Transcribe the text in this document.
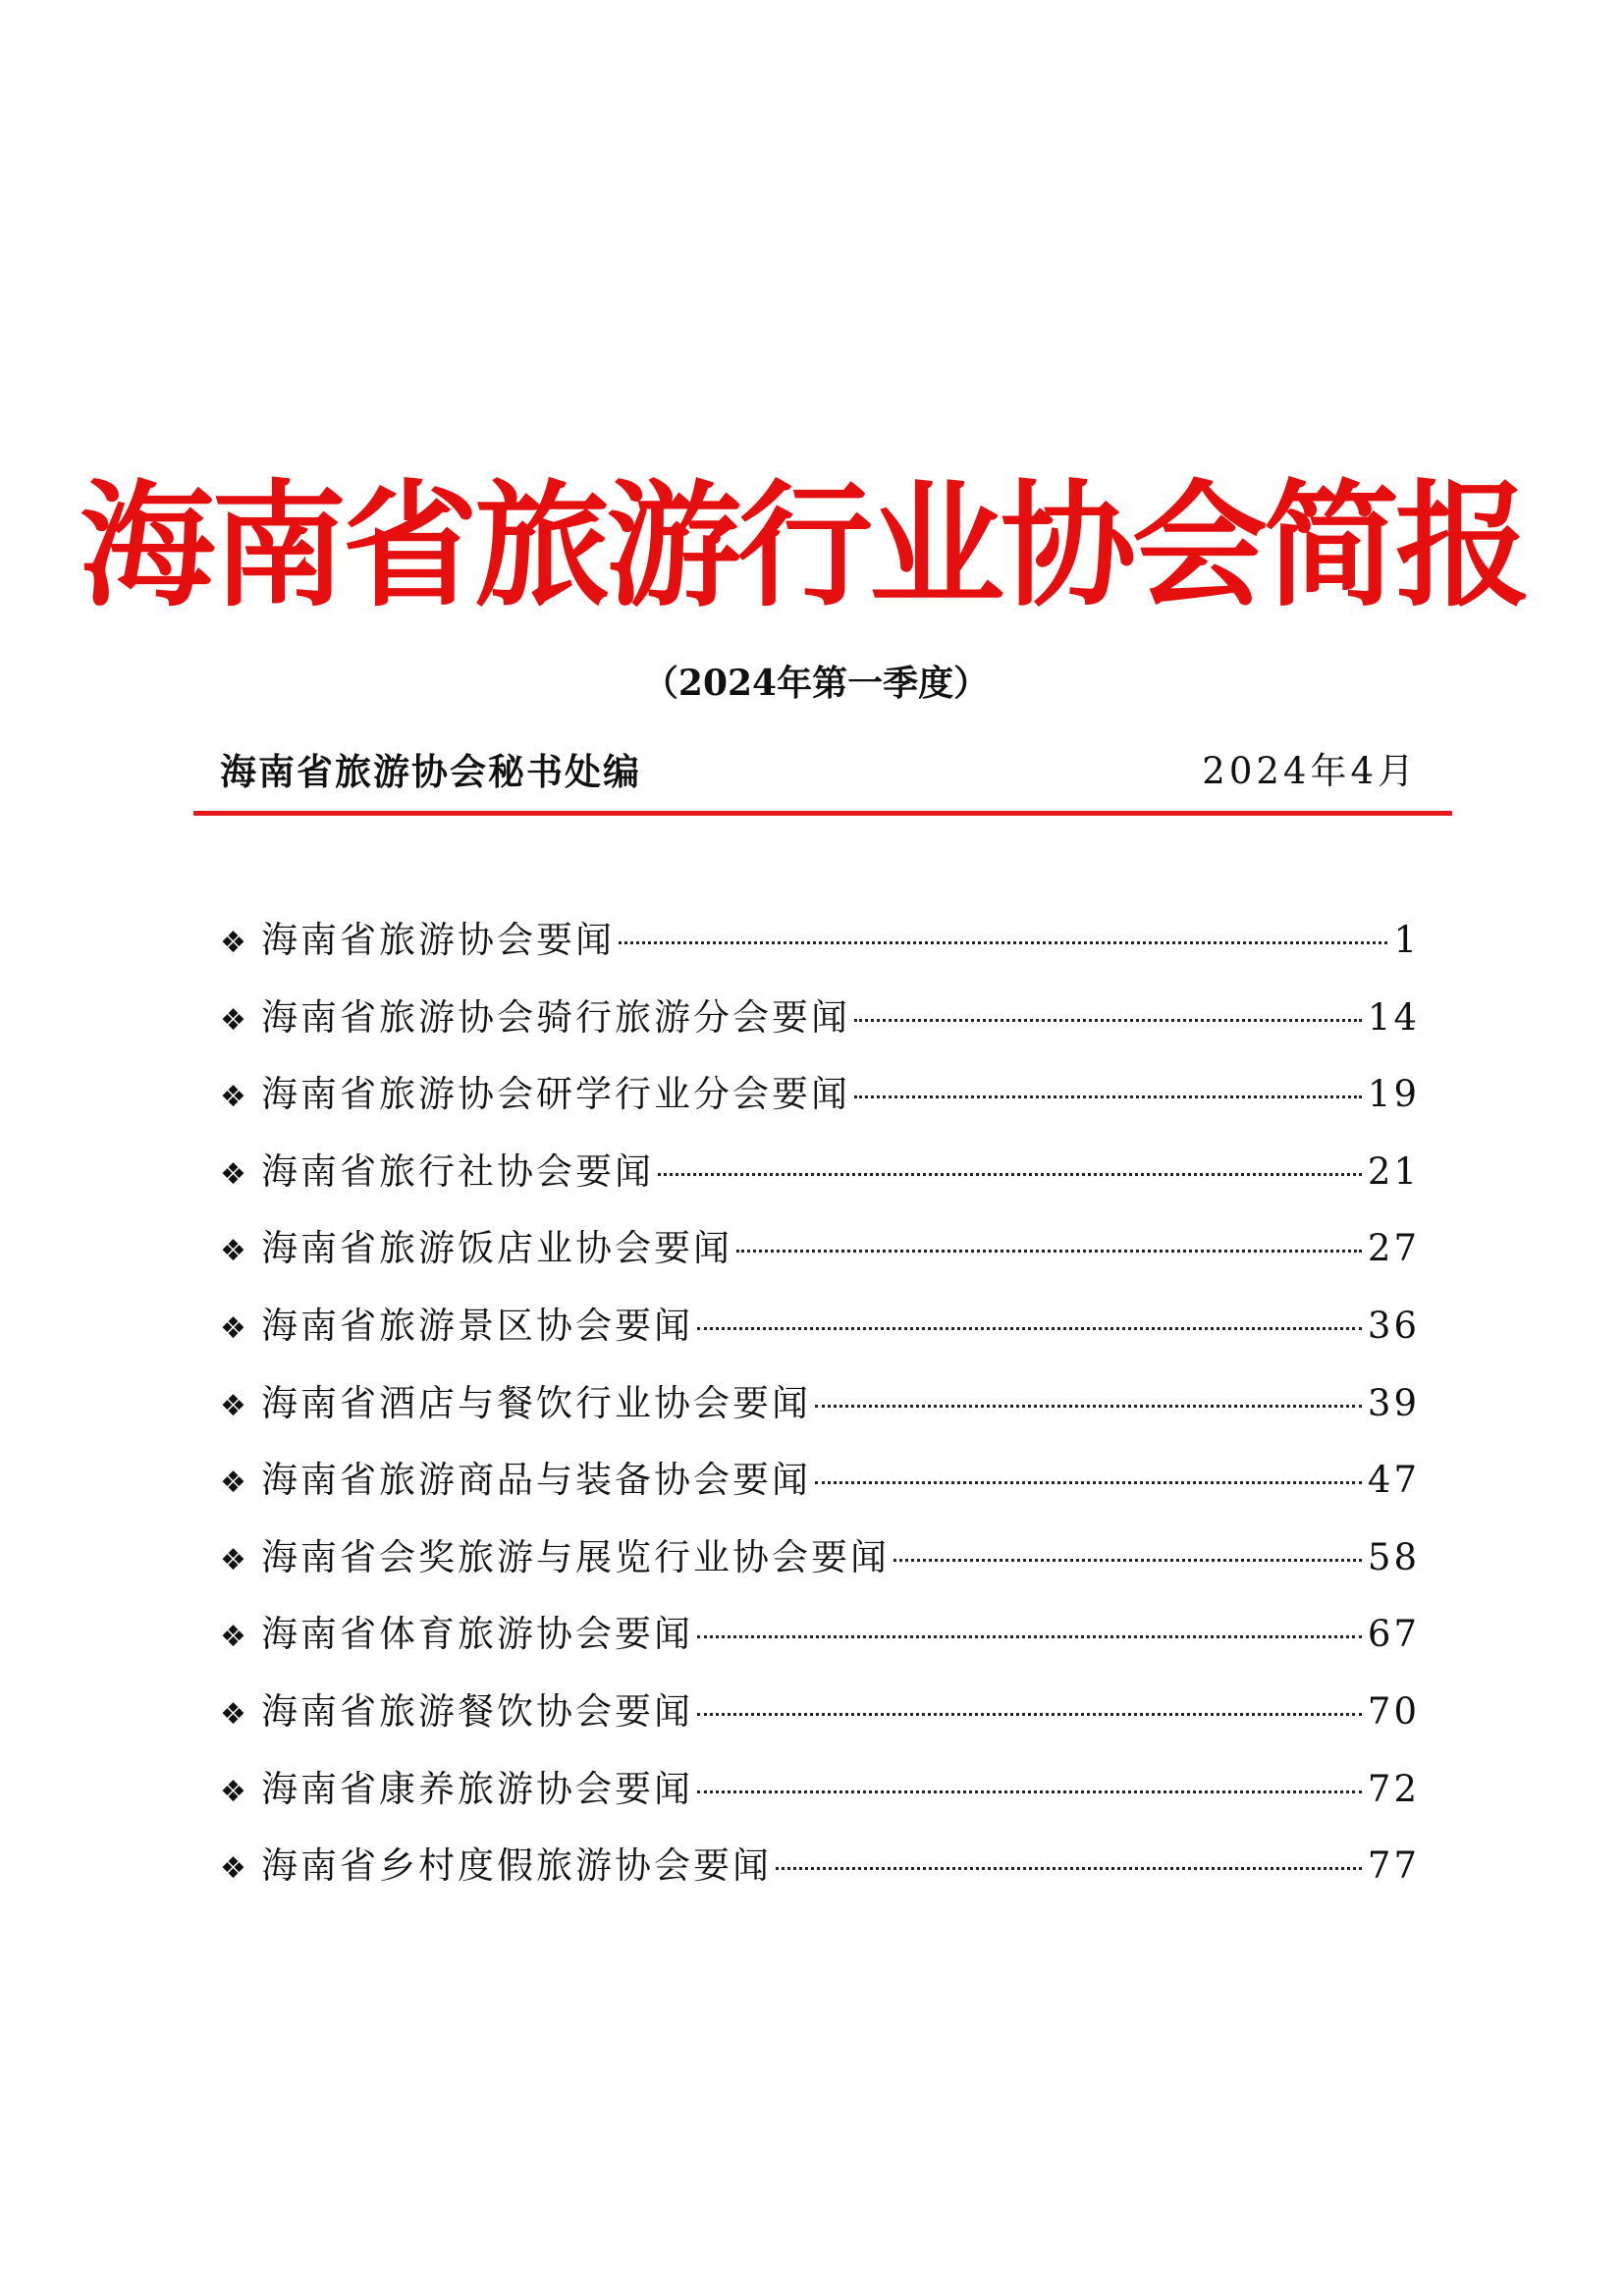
海南省旅游行业协会简报
（2024年第一季度）
海南省旅游协会秘书处编	2024年4月
❖ 海南省旅游协会要闻	1
❖ 海南省旅游协会骑行旅游分会要闻	14
❖ 海南省旅游协会研学行业分会要闻	19
❖ 海南省旅行社协会要闻	21
❖ 海南省旅游饭店业协会要闻	27
❖ 海南省旅游景区协会要闻	36
❖ 海南省酒店与餐饮行业协会要闻	39
❖ 海南省旅游商品与装备协会要闻	47
❖ 海南省会奖旅游与展览行业协会要闻	58
❖ 海南省体育旅游协会要闻	67
❖ 海南省旅游餐饮协会要闻	70
❖ 海南省康养旅游协会要闻	72
❖ 海南省乡村度假旅游协会要闻	77
